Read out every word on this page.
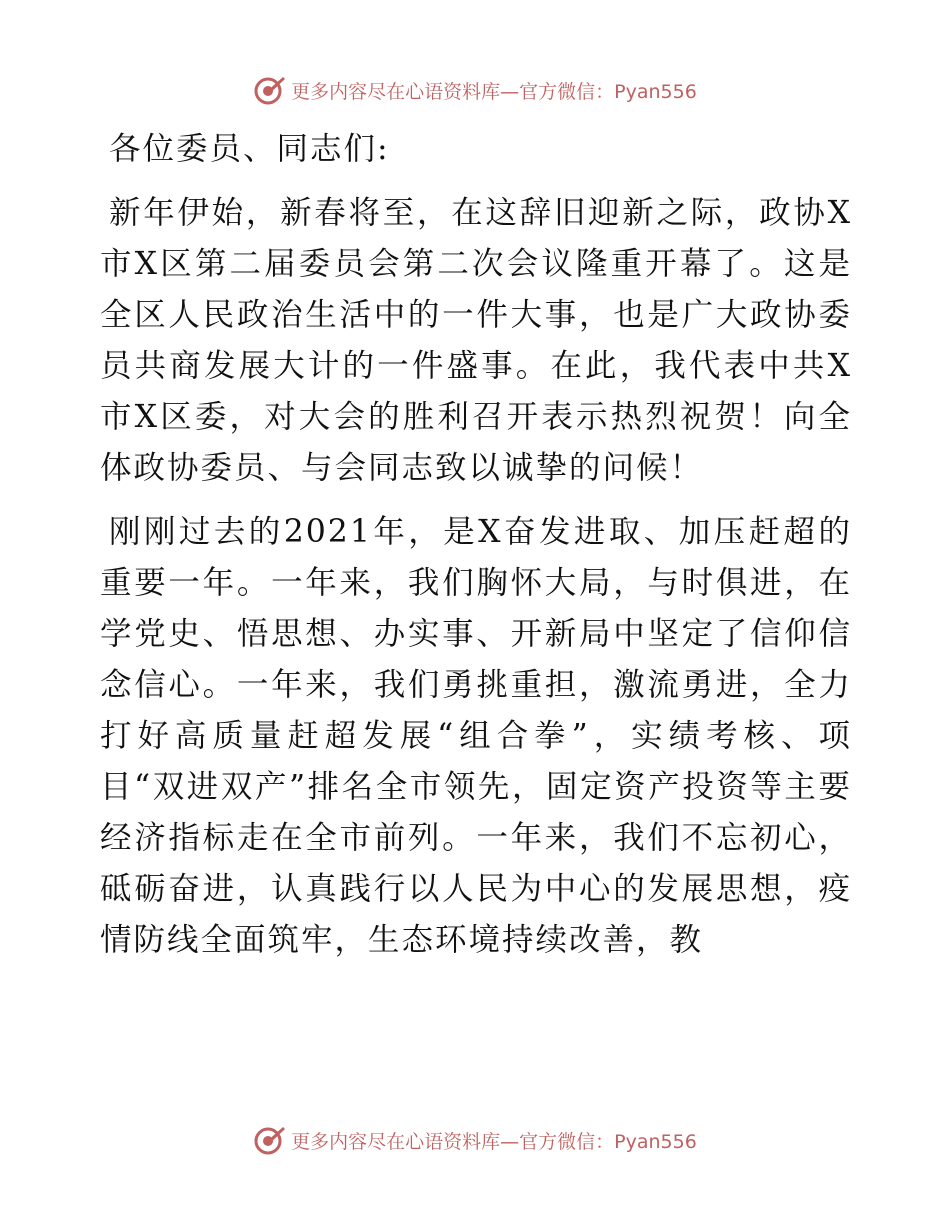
更多内容尽在心语资料库—官方微信：Pyan556

各位委员、同志们:

新年伊始，新春将至，在这辞旧迎新之际，政协X市X区第二届委员会第二次会议隆重开幕了。这是全区人民政治生活中的一件大事，也是广大政协委员共商发展大计的一件盛事。在此，我代表中共X市X区委，对大会的胜利召开表示热烈祝贺！向全体政协委员、与会同志致以诚挚的问候！

刚刚过去的2021年，是X奋发进取、加压赶超的重要一年。一年来，我们胸怀大局，与时俱进，在学党史、悟思想、办实事、开新局中坚定了信仰信念信心。一年来，我们勇挑重担，激流勇进，全力打好高质量赶超发展“组合拳”，实绩考核、项目“双进双产”排名全市领先，固定资产投资等主要经济指标走在全市前列。一年来，我们不忘初心，砥砺奋进，认真践行以人民为中心的发展思想，疫情防线全面筑牢，生态环境持续改善，教

更多内容尽在心语资料库—官方微信：Pyan556
